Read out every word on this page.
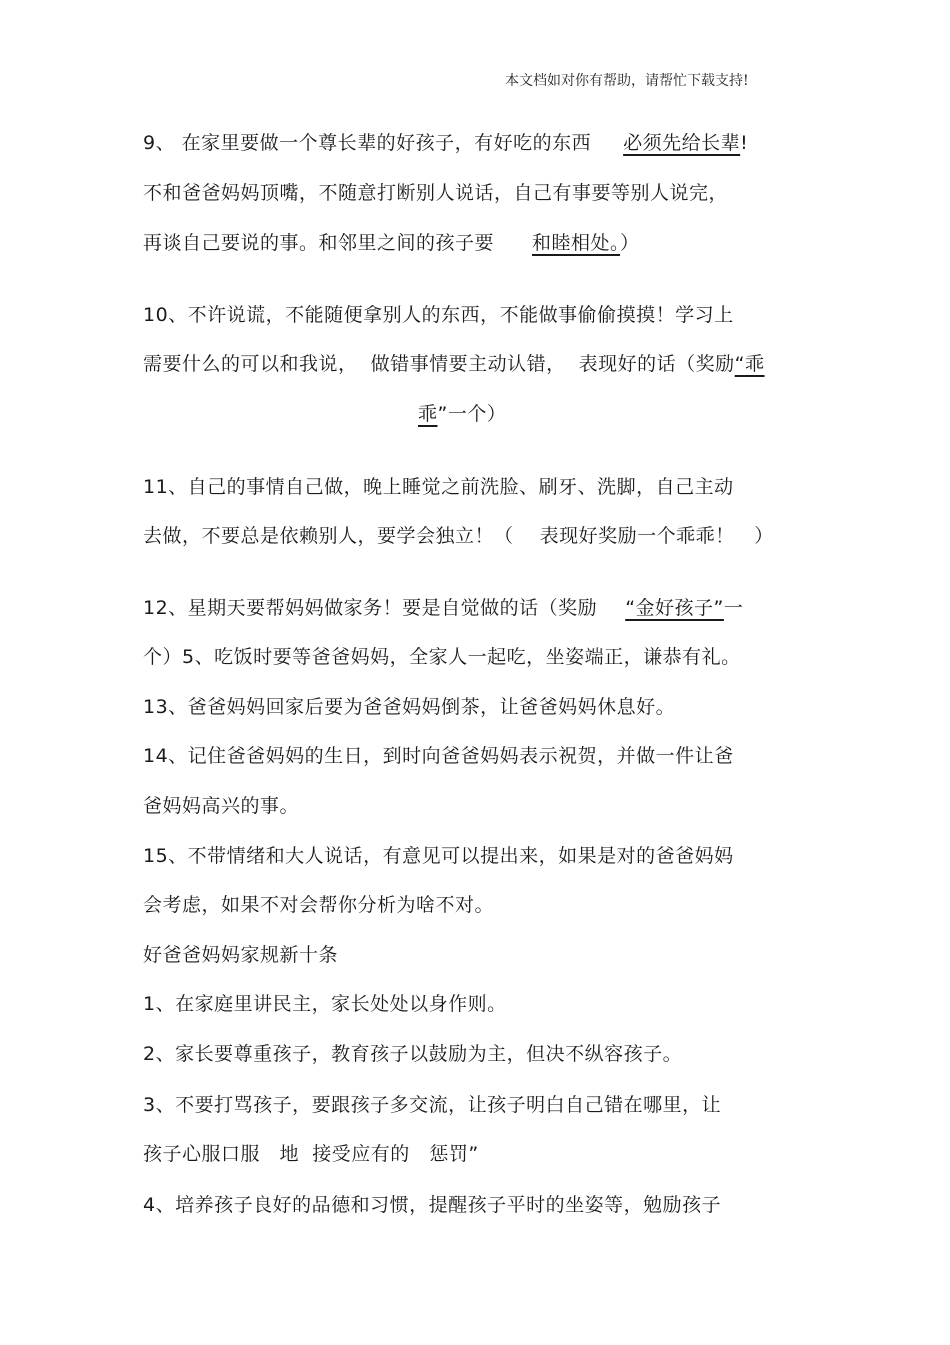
本文档如对你有帮助，请帮忙下载支持!
9、 在家里要做一个尊长辈的好孩子，有好吃的东西 必须先给长辈!
不和爸爸妈妈顶嘴，不随意打断别人说话，自己有事要等别人说完，
再谈自己要说的事。和邻里之间的孩子要 和睦相处。）
10、不许说谎，不能随便拿别人的东西，不能做事偷偷摸摸！学习上
需要什么的可以和我说，  做错事情要主动认错，  表现好的话（奖励“乖
乖”一个）
11、自己的事情自己做，晚上睡觉之前洗脸、刷牙、洗脚，自己主动
去做，不要总是依赖别人，要学会独立！（    表现好奖励一个乖乖！   ）
12、星期天要帮妈妈做家务！要是自觉做的话（奖励 “金好孩子”一
个）5、吃饭时要等爸爸妈妈，全家人一起吃，坐姿端正，谦恭有礼。
13、爸爸妈妈回家后要为爸爸妈妈倒茶，让爸爸妈妈休息好。
14、记住爸爸妈妈的生日，到时向爸爸妈妈表示祝贺，并做一件让爸
爸妈妈高兴的事。
15、不带情绪和大人说话，有意见可以提出来，如果是对的爸爸妈妈
会考虑，如果不对会帮你分析为啥不对。
好爸爸妈妈家规新十条
1、在家庭里讲民主，家长处处以身作则。
2、家长要尊重孩子，教育孩子以鼓励为主，但决不纵容孩子。
3、不要打骂孩子，要跟孩子多交流，让孩子明白自己错在哪里，让
孩子心服口服   地  接受应有的   惩罚”
4、培养孩子良好的品德和习惯，提醒孩子平时的坐姿等，勉励孩子
